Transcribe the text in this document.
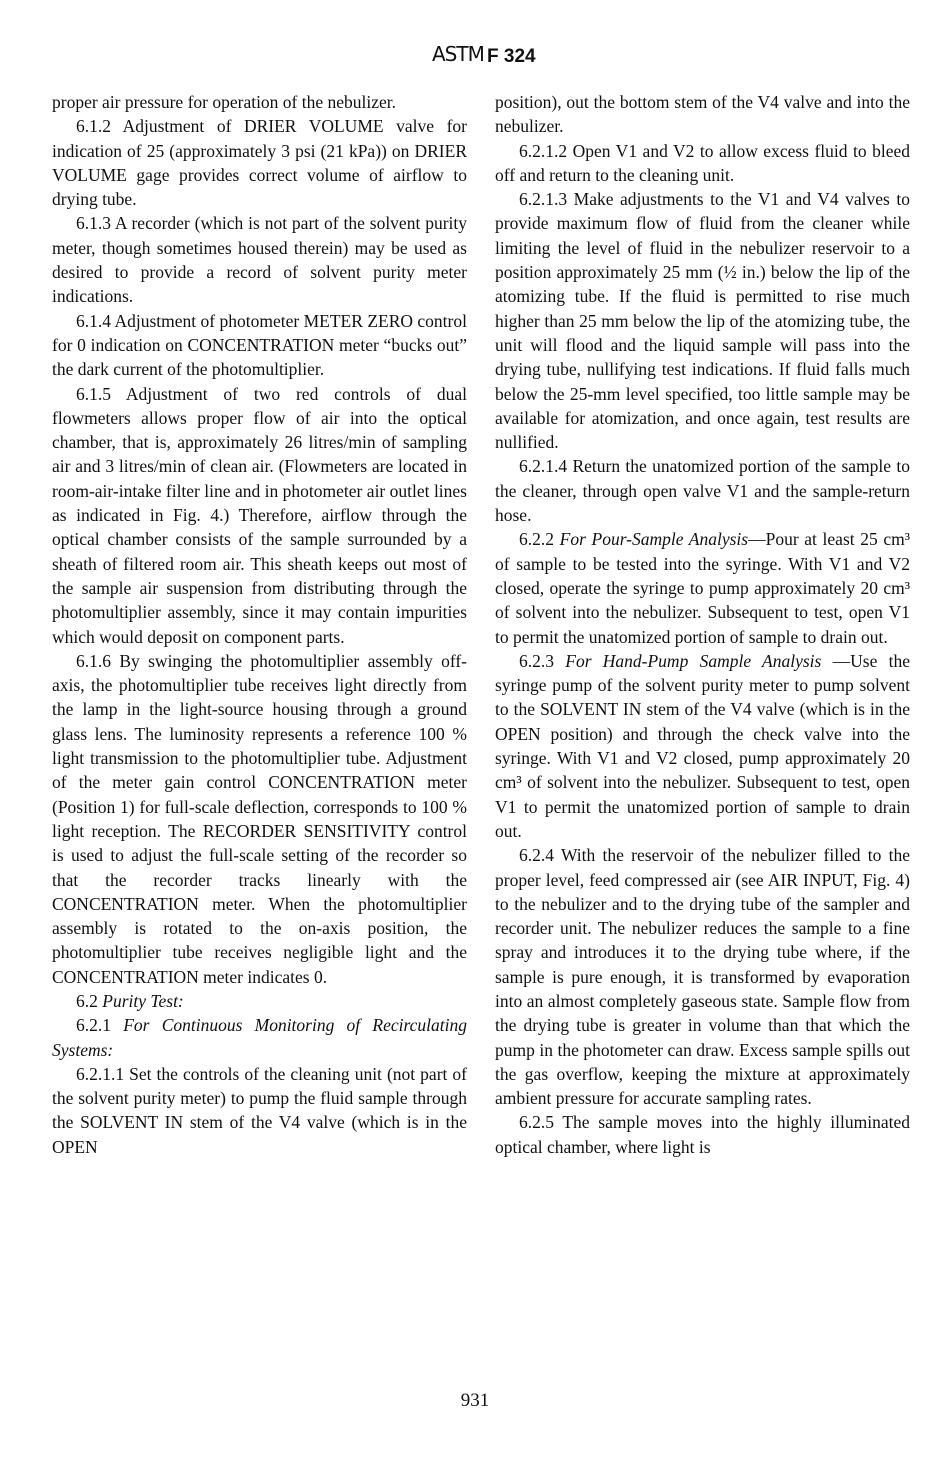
ASTM F 324

proper air pressure for operation of the nebulizer.

6.1.2 Adjustment of DRIER VOLUME valve for indication of 25 (approximately 3 psi (21 kPa)) on DRIER VOLUME gage provides correct volume of airflow to drying tube.

6.1.3 A recorder (which is not part of the solvent purity meter, though sometimes housed therein) may be used as desired to provide a record of solvent purity meter indications.

6.1.4 Adjustment of photometer METER ZERO control for 0 indication on CONCENTRATION meter “bucks out” the dark current of the photomultiplier.

6.1.5 Adjustment of two red controls of dual flowmeters allows proper flow of air into the optical chamber, that is, approximately 26 litres/min of sampling air and 3 litres/min of clean air. (Flowmeters are located in room-air-intake filter line and in photometer air outlet lines as indicated in Fig. 4.) Therefore, airflow through the optical chamber consists of the sample surrounded by a sheath of filtered room air. This sheath keeps out most of the sample air suspension from distributing through the photomultiplier assembly, since it may contain impurities which would deposit on component parts.

6.1.6 By swinging the photomultiplier assembly off-axis, the photomultiplier tube receives light directly from the lamp in the light-source housing through a ground glass lens. The luminosity represents a reference 100 % light transmission to the photomultiplier tube. Adjustment of the meter gain control CONCENTRATION meter (Position 1) for full-scale deflection, corresponds to 100 % light reception. The RECORDER SENSITIVITY control is used to adjust the full-scale setting of the recorder so that the recorder tracks linearly with the CONCENTRATION meter. When the photomultiplier assembly is rotated to the on-axis position, the photomultiplier tube receives negligible light and the CONCENTRATION meter indicates 0.

6.2 Purity Test:

6.2.1 For Continuous Monitoring of Recirculating Systems:

6.2.1.1 Set the controls of the cleaning unit (not part of the solvent purity meter) to pump the fluid sample through the SOLVENT IN stem of the V4 valve (which is in the OPEN

position), out the bottom stem of the V4 valve and into the nebulizer.

6.2.1.2 Open V1 and V2 to allow excess fluid to bleed off and return to the cleaning unit.

6.2.1.3 Make adjustments to the V1 and V4 valves to provide maximum flow of fluid from the cleaner while limiting the level of fluid in the nebulizer reservoir to a position approximately 25 mm (½ in.) below the lip of the atomizing tube. If the fluid is permitted to rise much higher than 25 mm below the lip of the atomizing tube, the unit will flood and the liquid sample will pass into the drying tube, nullifying test indications. If fluid falls much below the 25-mm level specified, too little sample may be available for atomization, and once again, test results are nullified.

6.2.1.4 Return the unatomized portion of the sample to the cleaner, through open valve V1 and the sample-return hose.

6.2.2 For Pour-Sample Analysis—Pour at least 25 cm³ of sample to be tested into the syringe. With V1 and V2 closed, operate the syringe to pump approximately 20 cm³ of solvent into the nebulizer. Subsequent to test, open V1 to permit the unatomized portion of sample to drain out.

6.2.3 For Hand-Pump Sample Analysis —Use the syringe pump of the solvent purity meter to pump solvent to the SOLVENT IN stem of the V4 valve (which is in the OPEN position) and through the check valve into the syringe. With V1 and V2 closed, pump approximately 20 cm³ of solvent into the nebulizer. Subsequent to test, open V1 to permit the unatomized portion of sample to drain out.

6.2.4 With the reservoir of the nebulizer filled to the proper level, feed compressed air (see AIR INPUT, Fig. 4) to the nebulizer and to the drying tube of the sampler and recorder unit. The nebulizer reduces the sample to a fine spray and introduces it to the drying tube where, if the sample is pure enough, it is transformed by evaporation into an almost completely gaseous state. Sample flow from the drying tube is greater in volume than that which the pump in the photometer can draw. Excess sample spills out the gas overflow, keeping the mixture at approximately ambient pressure for accurate sampling rates.

6.2.5 The sample moves into the highly illuminated optical chamber, where light is

931
